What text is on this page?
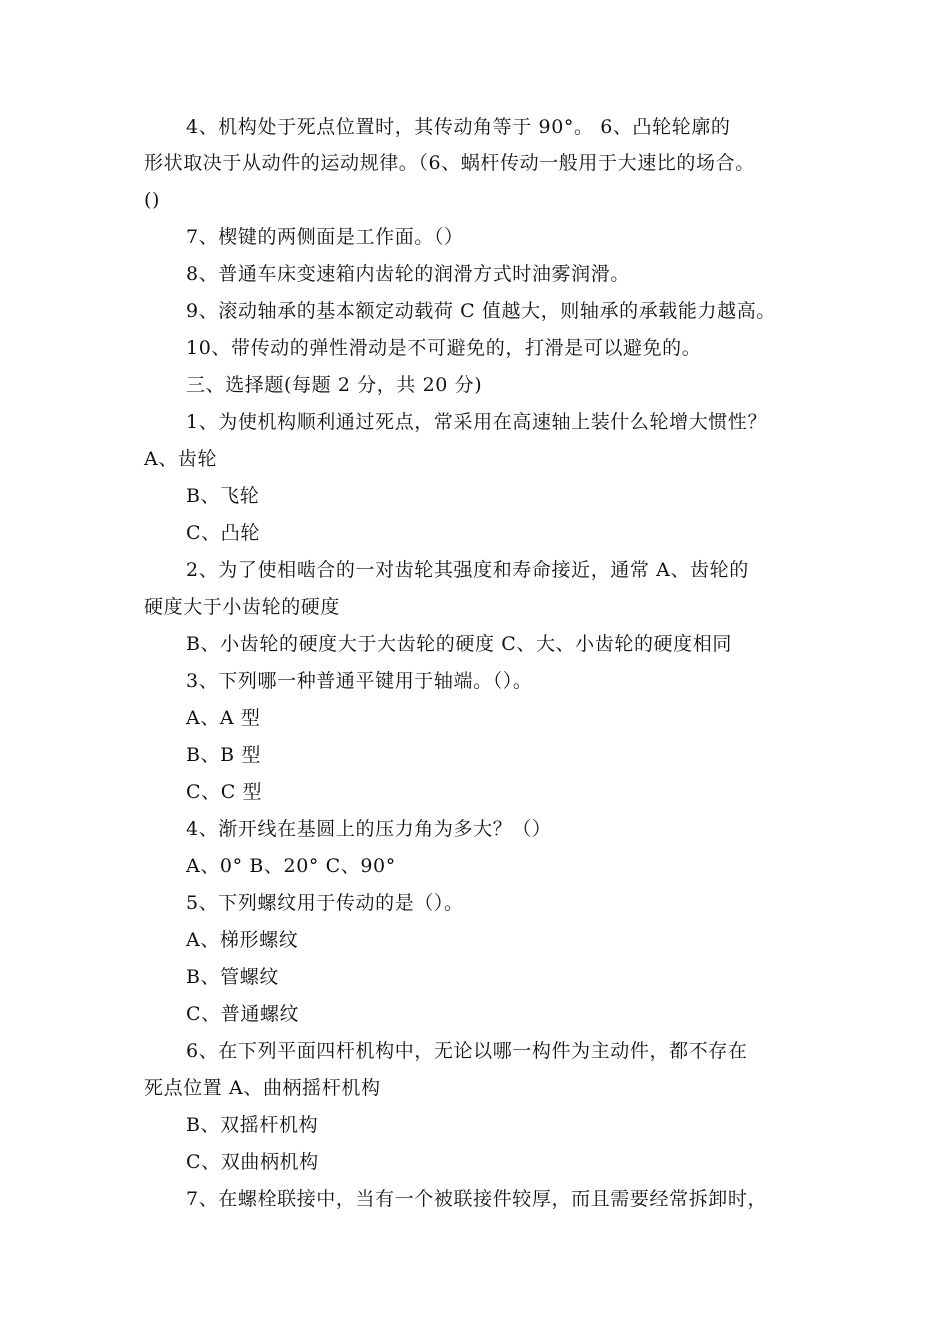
4、机构处于死点位置时，其传动角等于 90°。 6、凸轮轮廓的
形状取决于从动件的运动规律。（6、蜗杆传动一般用于大速比的场合。
()
7、楔键的两侧面是工作面。（）
8、普通车床变速箱内齿轮的润滑方式时油雾润滑。
9、滚动轴承的基本额定动载荷 C 值越大，则轴承的承载能力越高。
10、带传动的弹性滑动是不可避免的，打滑是可以避免的。
三、选择题(每题 2 分，共 20 分)
1、为使机构顺利通过死点，常采用在高速轴上装什么轮增大惯性？
A、齿轮
B、飞轮
C、凸轮
2、为了使相啮合的一对齿轮其强度和寿命接近，通常 A、齿轮的
硬度大于小齿轮的硬度
B、小齿轮的硬度大于大齿轮的硬度 C、大、小齿轮的硬度相同
3、下列哪一种普通平键用于轴端。（）。
A、A 型
B、B 型
C、C 型
4、渐开线在基圆上的压力角为多大？（）
A、0° B、20° C、90°
5、下列螺纹用于传动的是（）。
A、梯形螺纹
B、管螺纹
C、普通螺纹
6、在下列平面四杆机构中，无论以哪一构件为主动件，都不存在
死点位置 A、曲柄摇杆机构
B、双摇杆机构
C、双曲柄机构
7、在螺栓联接中，当有一个被联接件较厚，而且需要经常拆卸时，
